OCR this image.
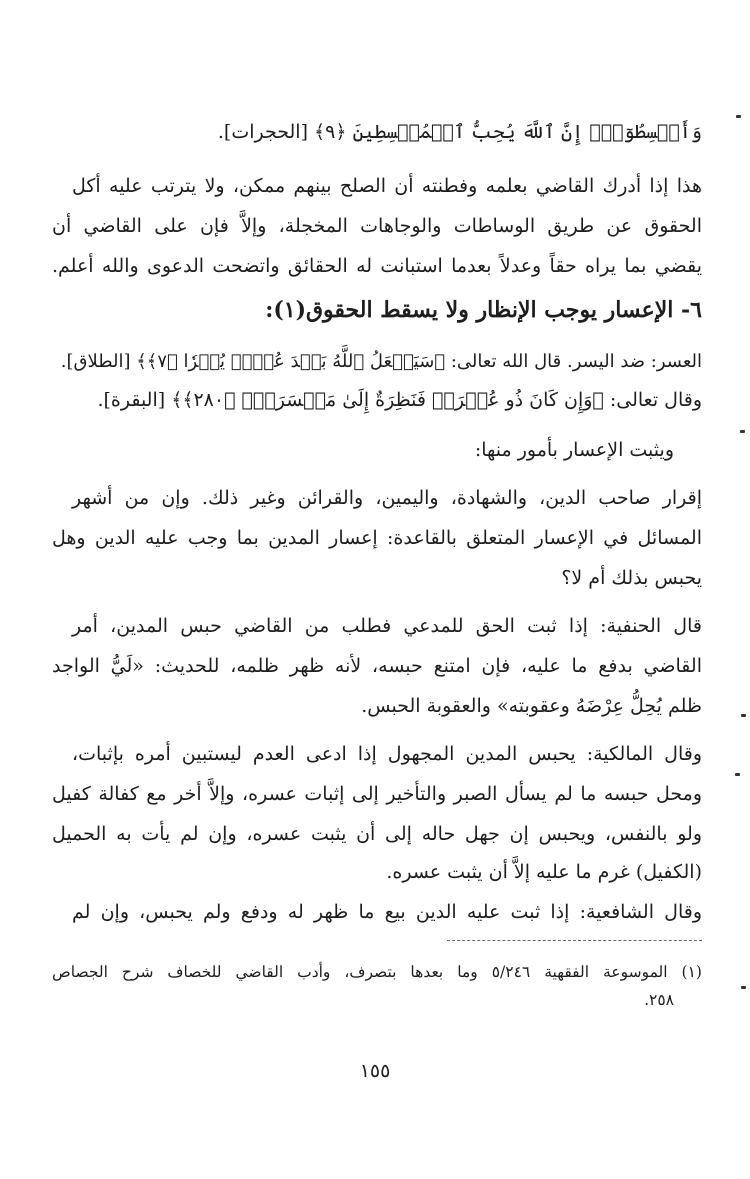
وَأَقۡسِطُوٓاْۖ إِنَّ ٱللَّهَ يُحِبُّ ٱلۡمُقۡسِطِينَ ﴿٩﴾ [الحجرات].
هذا إذا أدرك القاضي بعلمه وفطنته أن الصلح بينهم ممكن، ولا يترتب عليه أكل
الحقوق عن طريق الوساطات والوجاهات المخجلة، وإلاَّ فإن على القاضي أن
يقضي بما يراه حقاً وعدلاً بعدما استبانت له الحقائق واتضحت الدعوى والله أعلم.
٦- الإعسار يوجب الإنظار ولا يسقط الحقوق(١):
العسر: ضد اليسر. قال الله تعالى: ﴿سَيَجۡعَلُ ٱللَّهُ بَعۡدَ عُسۡرٖ يُسۡرٗا ﴿٧﴾﴾ [الطلاق].
وقال تعالى: ﴿وَإِن كَانَ ذُو عُسۡرَةٖ فَنَظِرَةٌ إِلَىٰ مَيۡسَرَةٖۚ ﴿٢٨٠﴾﴾ [البقرة].
ويثبت الإعسار بأمور منها:
إقرار صاحب الدين، والشهادة، واليمين، والقرائن وغير ذلك. وإن من أشهر
المسائل في الإعسار المتعلق بالقاعدة: إعسار المدين بما وجب عليه الدين وهل
يحبس بذلك أم لا؟
قال الحنفية: إذا ثبت الحق للمدعي فطلب من القاضي حبس المدين، أمر
القاضي بدفع ما عليه، فإن امتنع حبسه، لأنه ظهر ظلمه، للحديث: «لَيُّ الواجد
ظلم يُحِلُّ عِرْضَهُ وعقوبته» والعقوبة الحبس.
وقال المالكية: يحبس المدين المجهول إذا ادعى العدم ليستبين أمره بإثبات،
ومحل حبسه ما لم يسأل الصبر والتأخير إلى إثبات عسره، وإلاَّ أخر مع كفالة كفيل
ولو بالنفس، ويحبس إن جهل حاله إلى أن يثبت عسره، وإن لم يأت به الحميل
(الكفيل) غرم ما عليه إلاَّ أن يثبت عسره.
وقال الشافعية: إذا ثبت عليه الدين بيع ما ظهر له ودفع ولم يحبس، وإن لم
(١) الموسوعة الفقهية ٥/٢٤٦ وما بعدها بتصرف، وأدب القاضي للخصاف شرح الجصاص
٢٥٨.
١٥٥
